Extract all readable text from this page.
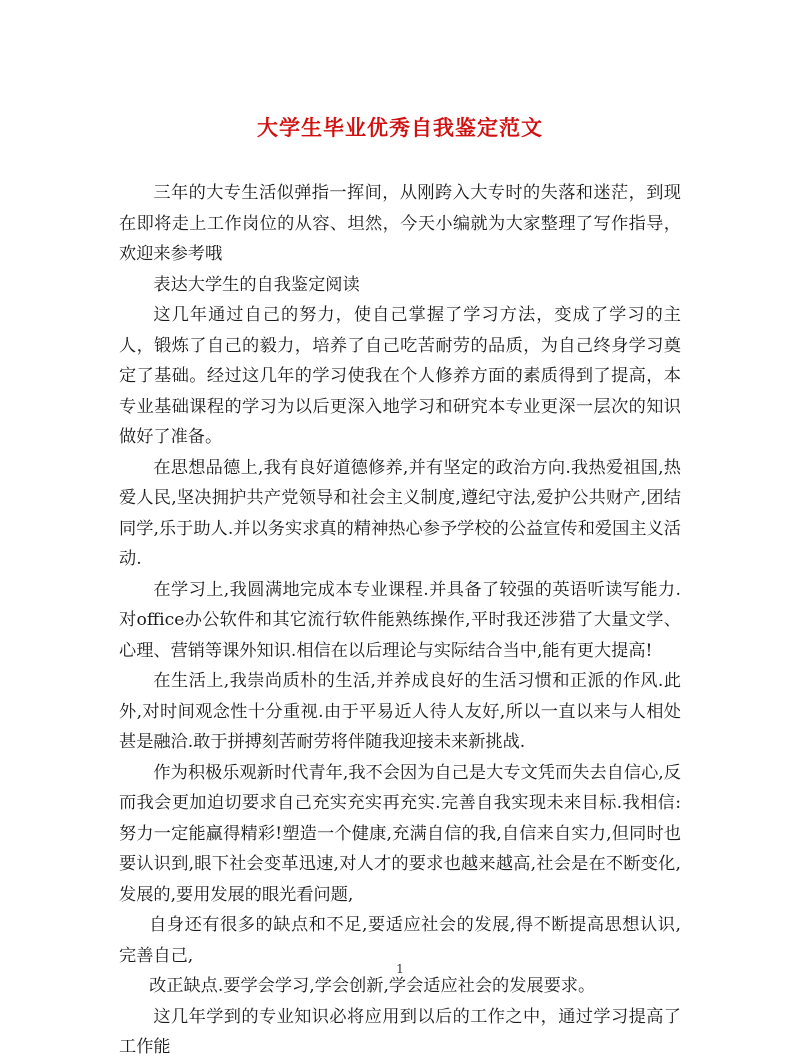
大学生毕业优秀自我鉴定范文

三年的大专生活似弹指一挥间，从刚跨入大专时的失落和迷茫，到现在即将走上工作岗位的从容、坦然，今天小编就为大家整理了写作指导，欢迎来参考哦

表达大学生的自我鉴定阅读

这几年通过自己的努力，使自己掌握了学习方法，变成了学习的主人，锻炼了自己的毅力，培养了自己吃苦耐劳的品质，为自己终身学习奠定了基础。经过这几年的学习使我在个人修养方面的素质得到了提高，本专业基础课程的学习为以后更深入地学习和研究本专业更深一层次的知识做好了准备。

在思想品德上,我有良好道德修养,并有坚定的政治方向.我热爱祖国,热爱人民,坚决拥护共产党领导和社会主义制度,遵纪守法,爱护公共财产,团结同学,乐于助人.并以务实求真的精神热心参予学校的公益宣传和爱国主义活动.

在学习上,我圆满地完成本专业课程.并具备了较强的英语听读写能力.对office办公软件和其它流行软件能熟练操作,平时我还涉猎了大量文学、心理、营销等课外知识.相信在以后理论与实际结合当中,能有更大提高!

在生活上,我崇尚质朴的生活,并养成良好的生活习惯和正派的作风.此外,对时间观念性十分重视.由于平易近人待人友好,所以一直以来与人相处甚是融洽.敢于拼搏刻苦耐劳将伴随我迎接未来新挑战.

作为积极乐观新时代青年,我不会因为自己是大专文凭而失去自信心,反而我会更加迫切要求自己充实充实再充实.完善自我实现未来目标.我相信:努力一定能赢得精彩!塑造一个健康,充满自信的我,自信来自实力,但同时也要认识到,眼下社会变革迅速,对人才的要求也越来越高,社会是在不断变化,发展的,要用发展的眼光看问题,

自身还有很多的缺点和不足,要适应社会的发展,得不断提高思想认识,完善自己,

改正缺点.要学会学习,学会创新,学会适应社会的发展要求。

这几年学到的专业知识必将应用到以后的工作之中，通过学习提高了工作能

1
